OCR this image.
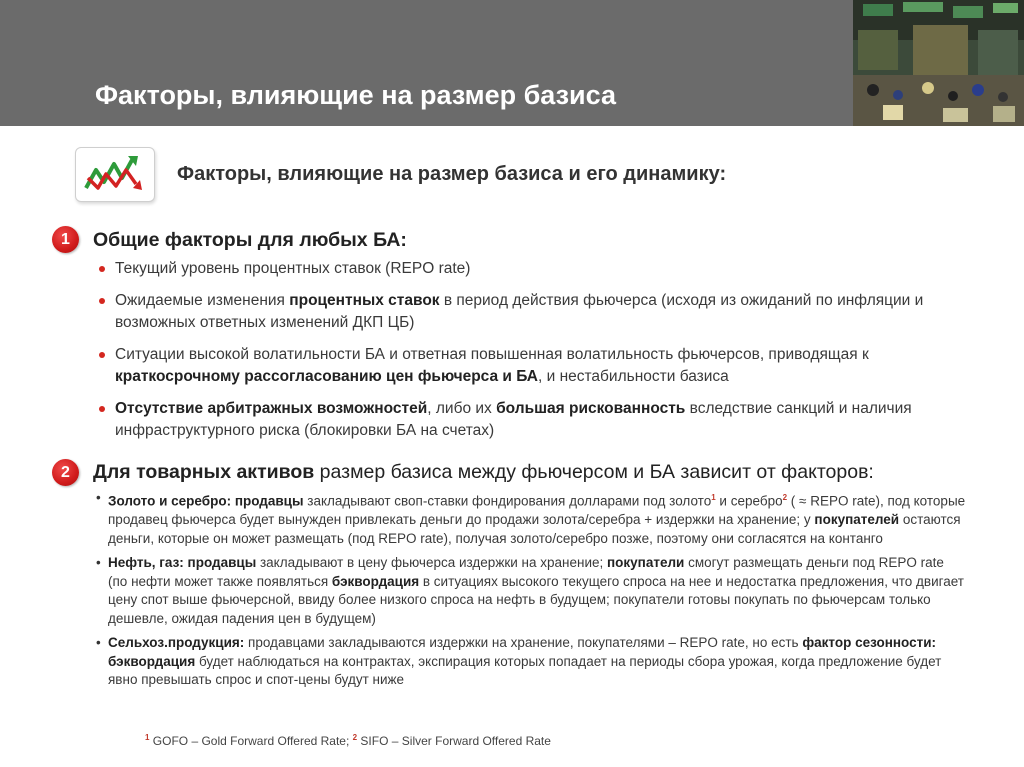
Факторы, влияющие на размер базиса
Факторы, влияющие на размер базиса и его динамику:
1	Общие факторы для любых БА:
Текущий уровень процентных ставок (REPO rate)
Ожидаемые изменения процентных ставок в период действия фьючерса (исходя из ожиданий по инфляции и возможных ответных изменений ДКП ЦБ)
Ситуации высокой волатильности БА и ответная повышенная волатильность фьючерсов, приводящая к краткосрочному рассогласованию цен фьючерса и БА, и нестабильности базиса
Отсутствие арбитражных возможностей, либо их большая рискованность вследствие санкций и наличия инфраструктурного риска (блокировки БА на счетах)
2	Для товарных активов размер базиса между фьючерсом и БА зависит от факторов:
• Золото и серебро: продавцы закладывают своп-ставки фондирования долларами под золото$^1$ и серебро$^2$ ( ≈ REPO rate), под которые продавец фьючерса будет вынужден привлекать деньги до продажи золота/серебра + издержки на хранение; у покупателей остаются деньги, которые он может размещать (под REPO rate), получая золото/серебро позже, поэтому они согласятся на контанго
• Нефть, газ: продавцы закладывают в цену фьючерса издержки на хранение; покупатели смогут размещать деньги под REPO rate (по нефти может также появляться бэквордация в ситуациях высокого текущего спроса на нее и недостатка предложения, что двигает цену спот выше фьючерсной, ввиду более низкого спроса на нефть в будущем; покупатели готовы покупать по фьючерсам только дешевле, ожидая падения цен в будущем)
• Сельхоз.продукция: продавцами закладываются издержки на хранение, покупателями – REPO rate, но есть фактор сезонности: бэквордация будет наблюдаться на контрактах, экспирация которых попадает на периоды сбора урожая, когда предложение будет явно превышать спрос и спот-цены будут ниже
$^1$ GOFO – Gold Forward Offered Rate; $^2$ SIFO – Silver Forward Offered Rate
